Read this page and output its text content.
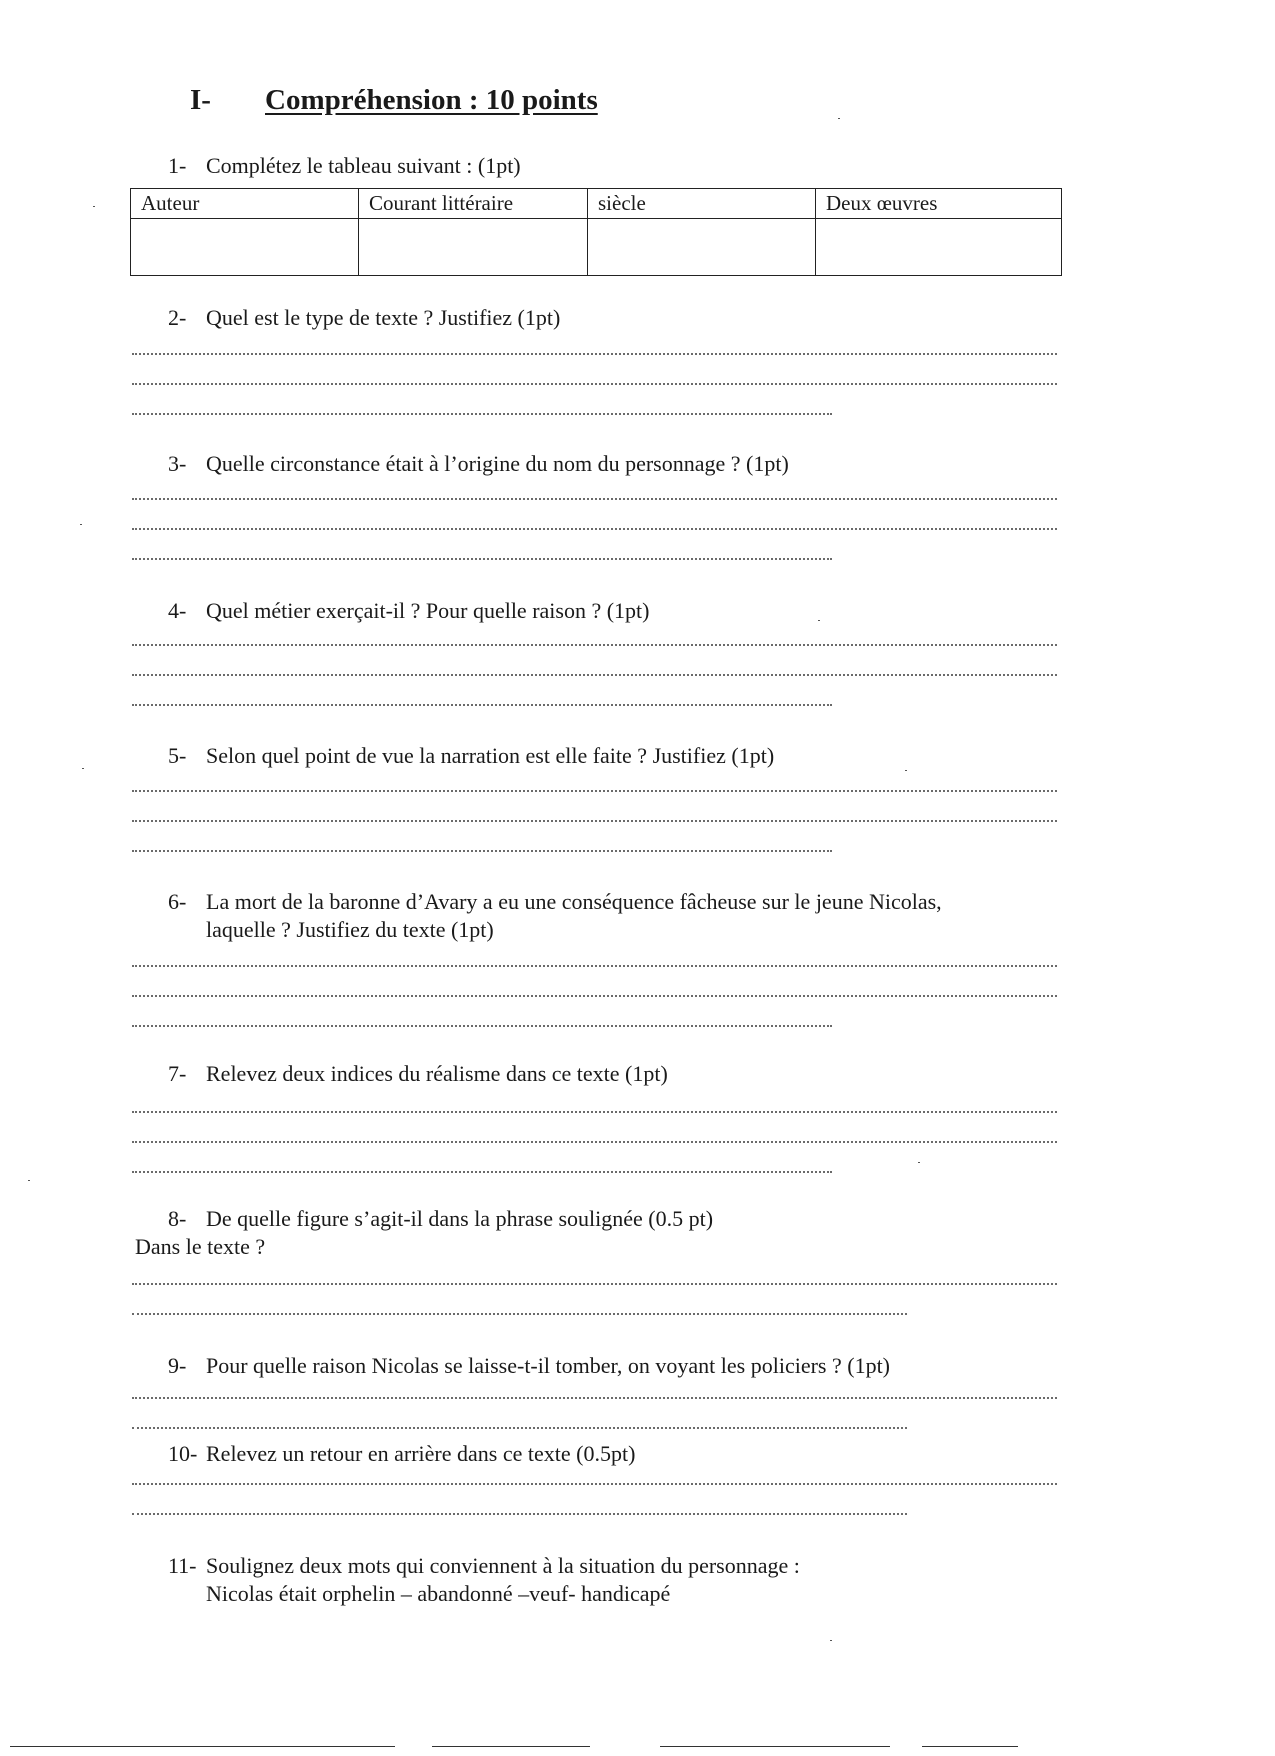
I- Compréhension : 10 points
1- Complétez le tableau suivant : (1pt)
Auteur	Courant littéraire	siècle	Deux œuvres

2- Quel est le type de texte ? Justifiez (1pt)
3- Quelle circonstance était à l’origine du nom du personnage ? (1pt)
4- Quel métier exerçait-il ? Pour quelle raison ? (1pt)
5- Selon quel point de vue la narration est elle faite ? Justifiez (1pt)
6- La mort de la baronne d’Avary a eu une conséquence fâcheuse sur le jeune Nicolas,
laquelle ? Justifiez du texte (1pt)
7- Relevez deux indices du réalisme dans ce texte (1pt)
8- De quelle figure s’agit-il dans la phrase soulignée (0.5 pt)
Dans le texte ?
9- Pour quelle raison Nicolas se laisse-t-il tomber, on voyant les policiers ? (1pt)
10- Relevez un retour en arrière dans ce texte (0.5pt)
11- Soulignez deux mots qui conviennent à la situation du personnage :
Nicolas était orphelin – abandonné –veuf- handicapé
